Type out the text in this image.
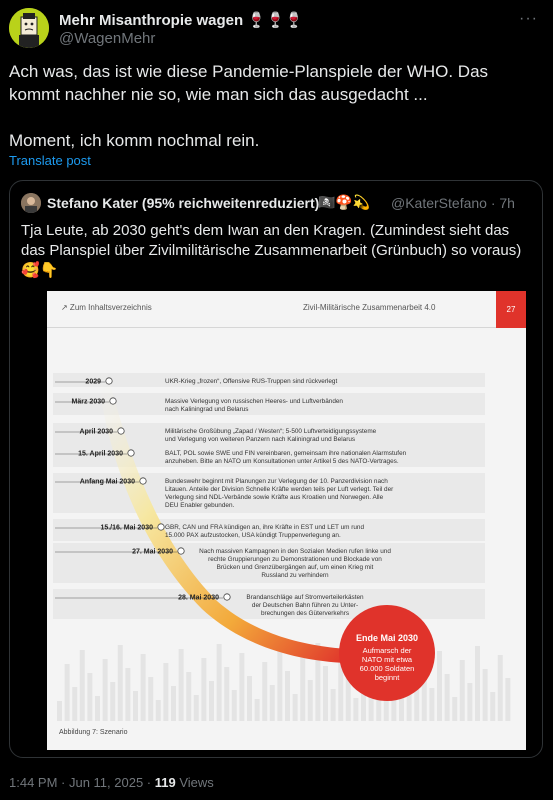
Mehr Misanthropie wagen 🍷🍷🍷
@WagenMehr
···

Ach was, das ist wie diese Pandemie-Planspiele der WHO. Das kommt nachher nie so, wie man sich das ausgedacht ...

Moment, ich komm nochmal rein.

Translate post
Stefano Kater (95% reichweitenreduziert)
🏴‍☠️🍄💫 @KaterStefano · 7h
Tja Leute, ab 2030 geht's dem Iwan an den Kragen. (Zumindest sieht das das Planspiel über Zivilmilitärische Zusammenarbeit (Grünbuch) so voraus) 🥰👇
↗ Zum Inhaltsverzeichnis	Zivil-Militärische Zusammenarbeit 4.0	27
2029	UKR-Krieg „frozen“, Offensive RUS-Truppen sind rückverlegt
März 2030	Massive Verlegung von russischen Heeres- und Luftverbänden
nach Kaliningrad und Belarus
April 2030	Militärische Großübung „Zapad / Westen“; 5-500 Luftverteidigungssysteme
und Verlegung von weiteren Panzern nach Kaliningrad und Belarus
15. April 2030	BALT, POL sowie SWE und FIN vereinbaren, gemeinsam ihre nationalen Alarmstufen
anzuheben. Bitte an NATO um Konsultationen unter Artikel 5 des NATO-Vertrages.
Anfang Mai 2030	Bundeswehr beginnt mit Planungen zur Verlegung der 10. Panzerdivision nach
Litauen. Anteile der Division Schnelle Kräfte werden teils per Luft verlegt. Teil der
Verlegung sind NDL-Verbände sowie Kräfte aus Kroatien und Norwegen. Alle
DEU Enabler gebunden.
15./16. Mai 2030 GBR, CAN und FRA kündigen an, ihre Kräfte in EST und LET um rund
15.000 PAX aufzustocken, USA kündigt Truppenverlegung an.
27. Mai 2030	Nach massiven Kampagnen in den Sozialen Medien rufen linke und
rechte Gruppierungen zu Demonstrationen und Blockade von
Brücken und Grenzübergängen auf, um einen Krieg mit
Russland zu verhindern
28. Mai 2030	Brandanschläge auf Stromverteilerkästen
der Deutschen Bahn führen zu Unter-
brechungen des Güterverkehrs
Ende Mai 2030
Aufmarsch der
NATO mit etwa
60.000 Soldaten
beginnt
Abbildung 7: Szenario
1:44 PM · Jun 11, 2025 · 119 Views
